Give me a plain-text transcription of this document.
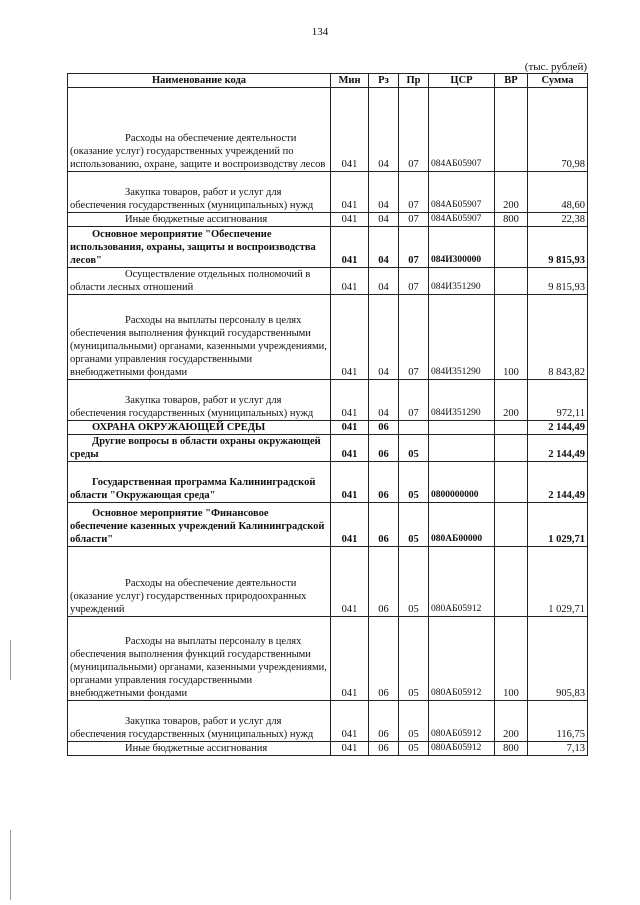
134
(тыс. рублей)
Наименование кода	Мин	Рз	Пр	ЦСР	ВР	Сумма
Расходы на обеспечение деятельности (оказание услуг) государственных учреждений по использованию, охране, защите и воспроизводству лесов	041	04	07	084АБ05907		70,98
Закупка товаров, работ и услуг для обеспечения государственных (муниципальных) нужд	041	04	07	084АБ05907	200	48,60
Иные бюджетные ассигнования	041	04	07	084АБ05907	800	22,38
Основное мероприятие "Обеспечение использования, охраны, защиты и воспроизводства лесов"	041	04	07	084И300000		9 815,93
Осуществление отдельных полномочий в области лесных отношений	041	04	07	084И351290		9 815,93
Расходы на выплаты персоналу в целях обеспечения выполнения функций государственными (муниципальными) органами, казенными учреждениями, органами управления государственными внебюджетными фондами	041	04	07	084И351290	100	8 843,82
Закупка товаров, работ и услуг для обеспечения государственных (муниципальных) нужд	041	04	07	084И351290	200	972,11
ОХРАНА ОКРУЖАЮЩЕЙ СРЕДЫ	041	06				2 144,49
Другие вопросы в области охраны окружающей среды	041	06	05			2 144,49
Государственная программа Калининградской области "Окружающая среда"	041	06	05	0800000000		2 144,49
Основное мероприятие "Финансовое обеспечение казенных учреждений Калининградской области"	041	06	05	080АБ00000		1 029,71
Расходы на обеспечение деятельности (оказание услуг) государственных природоохранных учреждений	041	06	05	080АБ05912		1 029,71
Расходы на выплаты персоналу в целях обеспечения выполнения функций государственными (муниципальными) органами, казенными учреждениями, органами управления государственными внебюджетными фондами	041	06	05	080АБ05912	100	905,83
Закупка товаров, работ и услуг для обеспечения государственных (муниципальных) нужд	041	06	05	080АБ05912	200	116,75
Иные бюджетные ассигнования	041	06	05	080АБ05912	800	7,13
